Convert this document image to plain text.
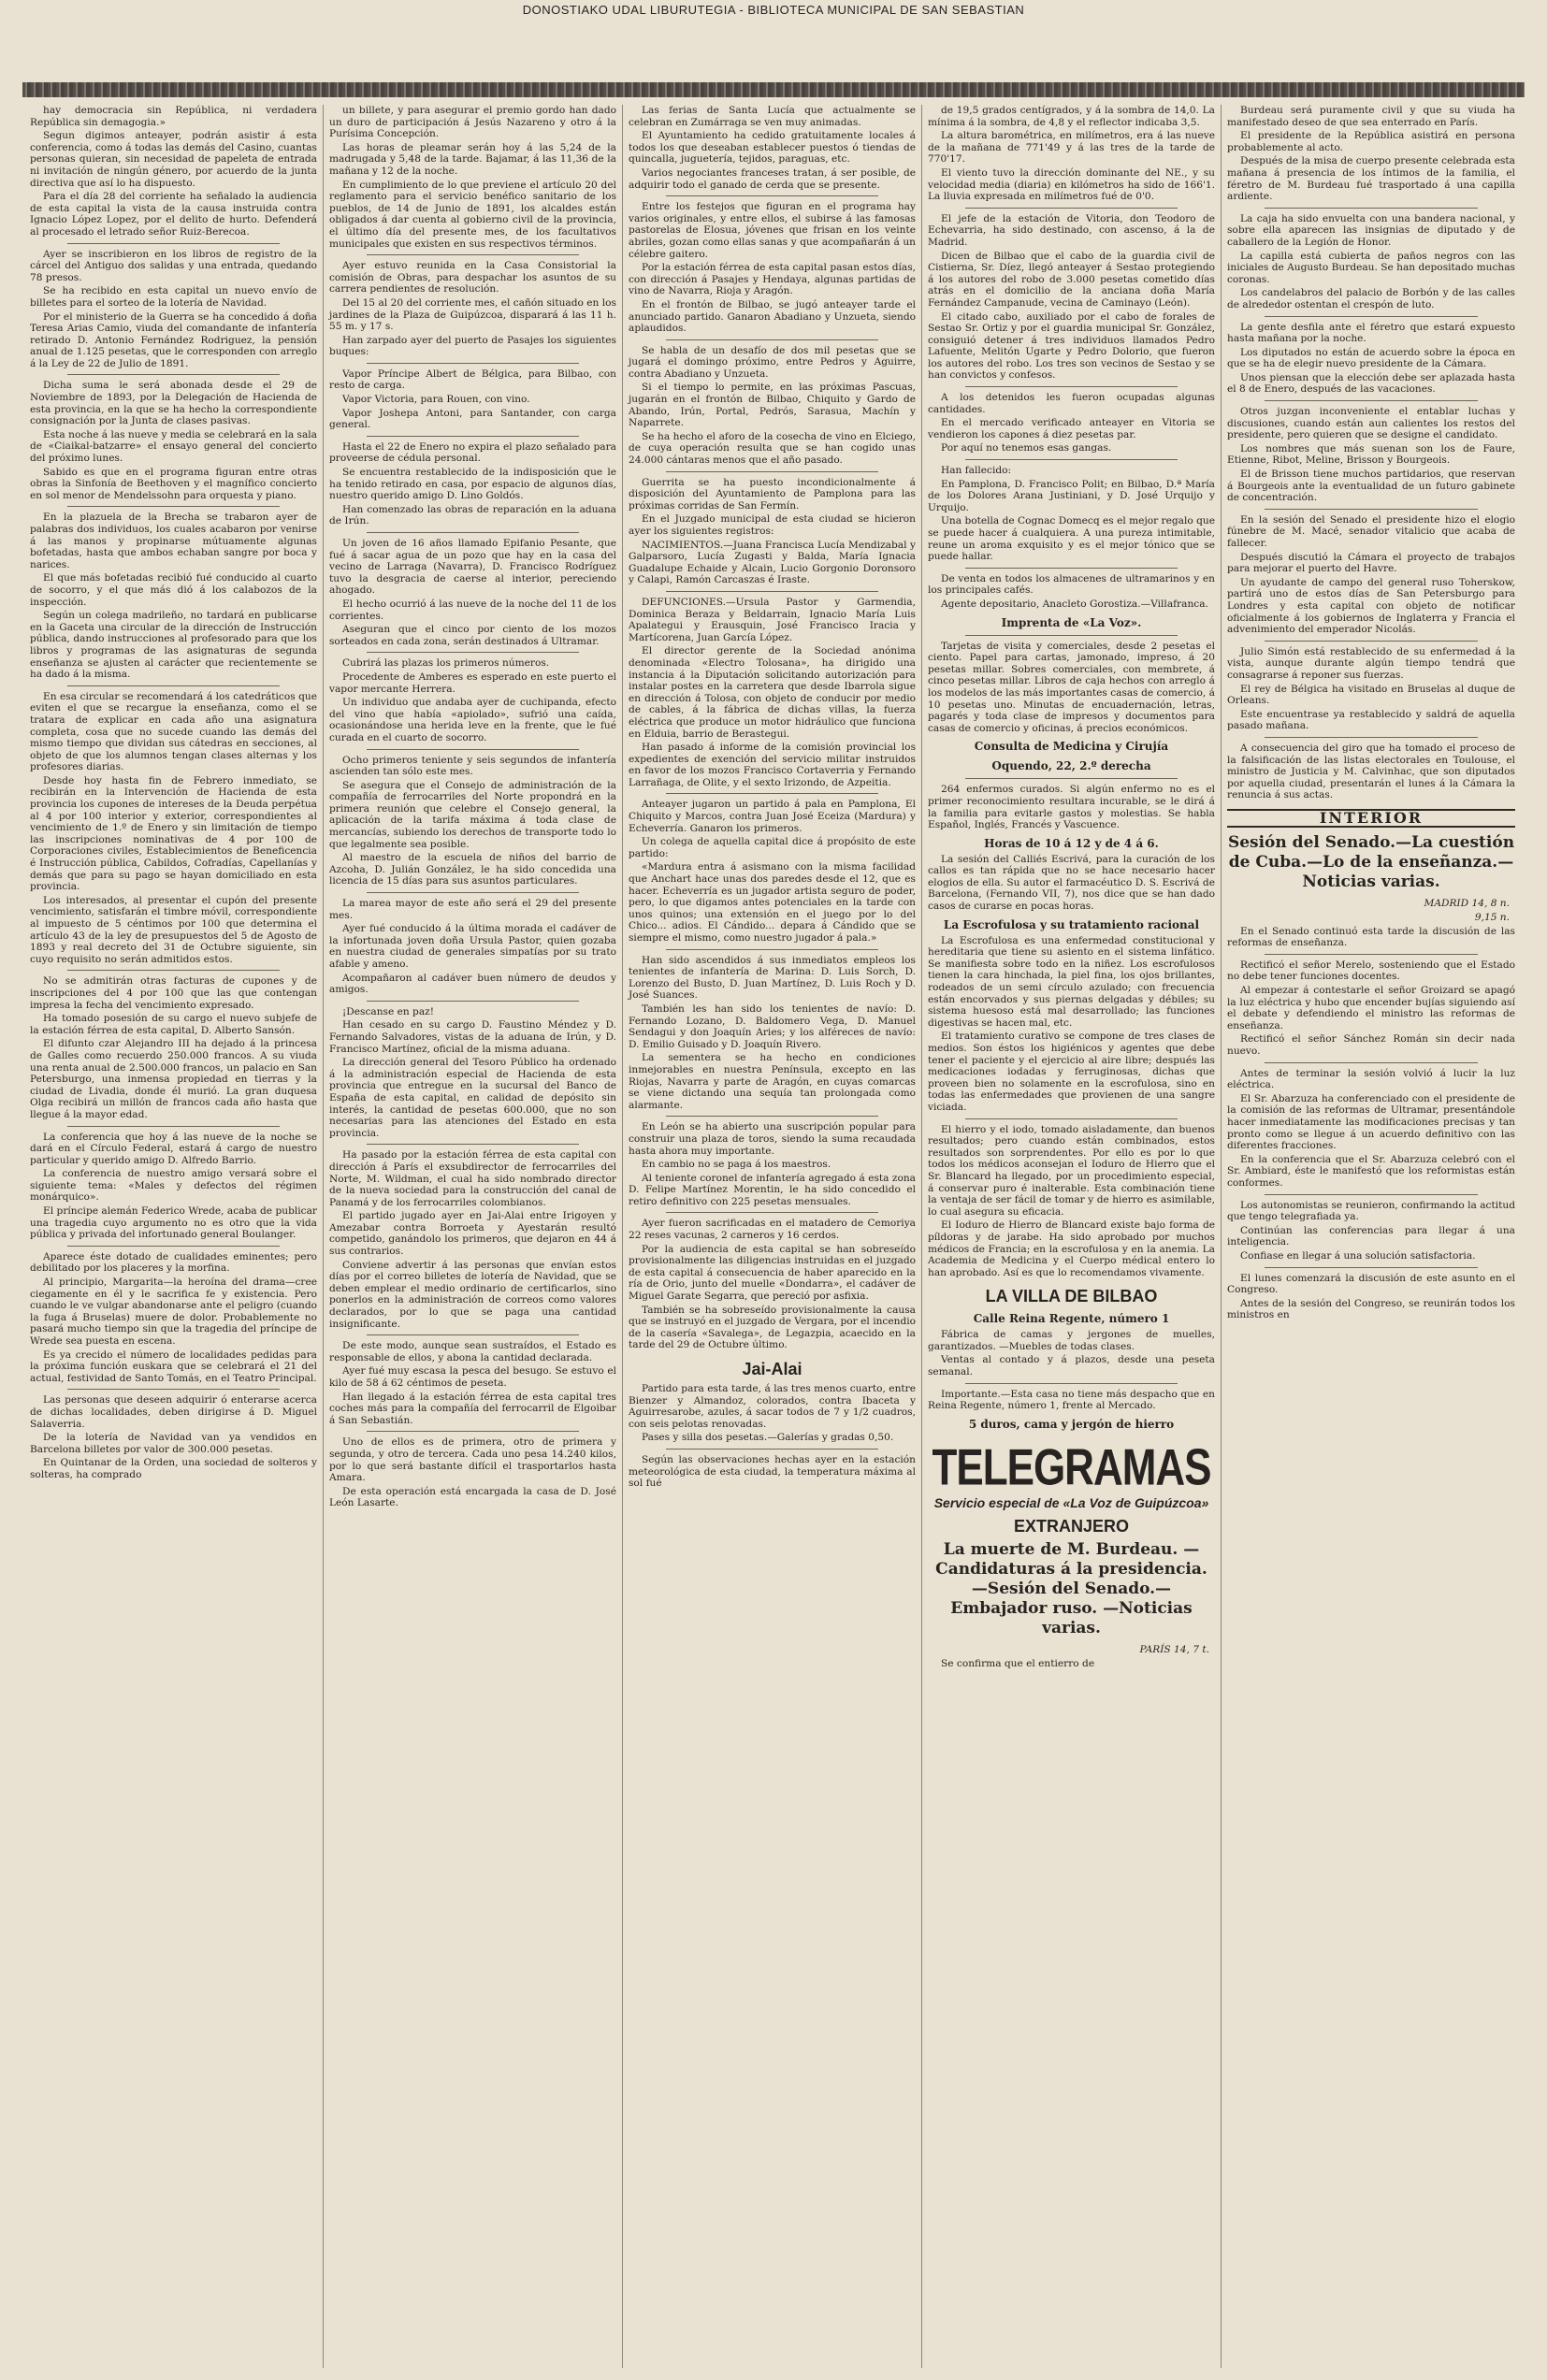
DONOSTIAKO UDAL LIBURUTEGIA - BIBLIOTECA MUNICIPAL DE SAN SEBASTIAN

hay democracia sin República, ni verdadera República sin demagogia.»

Segun digimos anteayer, podrán asistir á esta conferencia, como á todas las demás del Casino, cuantas personas quieran, sin necesidad de papeleta de entrada ni invitación de ningún género, por acuerdo de la junta directiva que así lo ha dispuesto.

Para el día 28 del corriente ha señalado la audiencia de esta capital la vista de la causa instruida contra Ignacio López Lopez, por el delito de hurto. Defenderá al procesado el letrado señor Ruiz-Berecoa.

Ayer se inscribieron en los libros de registro de la cárcel del Antiguo dos salidas y una entrada, quedando 78 presos.

Se ha recibido en esta capital un nuevo envío de billetes para el sorteo de la lotería de Navidad.

Por el ministerio de la Guerra se ha concedido á doña Teresa Arias Camio, viuda del comandante de infantería retirado D. Antonio Fernández Rodriguez, la pensión anual de 1.125 pesetas, que le corresponden con arreglo á la Ley de 22 de Julio de 1891.

Dicha suma le será abonada desde el 29 de Noviembre de 1893, por la Delegación de Hacienda de esta provincia, en la que se ha hecho la correspondiente consignación por la Junta de clases pasivas.

Esta noche á las nueve y media se celebrará en la sala de «Ciaikal-batzarre» el ensayo general del concierto del próximo lunes.

Sabido es que en el programa figuran entre otras obras la Sinfonía de Beethoven y el magnífico concierto en sol menor de Mendelssohn para orquesta y piano.

En la plazuela de la Brecha se trabaron ayer de palabras dos individuos, los cuales acabaron por venirse á las manos y propinarse mútuamente algunas bofetadas, hasta que ambos echaban sangre por boca y narices.

El que más bofetadas recibió fué conducido al cuarto de socorro, y el que más dió á los calabozos de la inspección.

Según un colega madrileño, no tardará en publicarse en la Gaceta una circular de la dirección de Instrucción pública, dando instrucciones al profesorado para que los libros y programas de las asignaturas de segunda enseñanza se ajusten al carácter que recientemente se ha dado á la misma.

En esa circular se recomendará á los catedráticos que eviten el que se recargue la enseñanza, como el se tratara de explicar en cada año una asignatura completa, cosa que no sucede cuando las demás del mismo tiempo que dividan sus cátedras en secciones, al objeto de que los alumnos tengan clases alternas y los profesores diarias.

Desde hoy hasta fin de Febrero inmediato, se recibirán en la Intervención de Hacienda de esta provincia los cupones de intereses de la Deuda perpétua al 4 por 100 interior y exterior, correspondientes al vencimiento de 1.º de Enero y sin limitación de tiempo las inscripciones nominativas de 4 por 100 de Corporaciones civiles, Establecimientos de Beneficencia é Instrucción pública, Cabildos, Cofradías, Capellanías y demás que para su pago se hayan domiciliado en esta provincia.

Los interesados, al presentar el cupón del presente vencimiento, satisfarán el timbre móvil, correspondiente al impuesto de 5 céntimos por 100 que determina el artículo 43 de la ley de presupuestos del 5 de Agosto de 1893 y real decreto del 31 de Octubre siguiente, sin cuyo requisito no serán admitidos estos.

No se admitirán otras facturas de cupones y de inscripciones del 4 por 100 que las que contengan impresa la fecha del vencimiento expresado.

Ha tomado posesión de su cargo el nuevo subjefe de la estación férrea de esta capital, D. Alberto Sansón.

El difunto czar Alejandro III ha dejado á la princesa de Galles como recuerdo 250.000 francos. A su viuda una renta anual de 2.500.000 francos, un palacio en San Petersburgo, una inmensa propiedad en tierras y la ciudad de Livadia, donde él murió. La gran duquesa Olga recibirá un millón de francos cada año hasta que llegue á la mayor edad.

La conferencia que hoy á las nueve de la noche se dará en el Círculo Federal, estará á cargo de nuestro particular y querido amigo D. Alfredo Barrio.

La conferencia de nuestro amigo versará sobre el siguiente tema: «Males y defectos del régimen monárquico».

El príncipe alemán Federico Wrede, acaba de publicar una tragedia cuyo argumento no es otro que la vida pública y privada del infortunado general Boulanger.

Aparece éste dotado de cualidades eminentes; pero debilitado por los placeres y la morfina.

Al principio, Margarita—la heroína del drama—cree ciegamente en él y le sacrifica fe y existencia. Pero cuando le ve vulgar abandonarse ante el peligro (cuando la fuga á Bruselas) muere de dolor. Probablemente no pasará mucho tiempo sin que la tragedia del príncipe de Wrede sea puesta en escena.

Es ya crecido el número de localidades pedidas para la próxima función euskara que se celebrará el 21 del actual, festividad de Santo Tomás, en el Teatro Principal.

Las personas que deseen adquirir ó enterarse acerca de dichas localidades, deben dirigirse á D. Miguel Salaverria.

De la lotería de Navidad van ya vendidos en Barcelona billetes por valor de 300.000 pesetas.

En Quintanar de la Orden, una sociedad de solteros y solteras, ha comprado

un billete, y para asegurar el premio gordo han dado un duro de participación á Jesús Nazareno y otro á la Purísima Concepción.

Las horas de pleamar serán hoy á las 5,24 de la madrugada y 5,48 de la tarde. Bajamar, á las 11,36 de la mañana y 12 de la noche.

En cumplimiento de lo que previene el artículo 20 del reglamento para el servicio benéfico sanitario de los pueblos, de 14 de Junio de 1891, los alcaldes están obligados á dar cuenta al gobierno civil de la provincia, el último día del presente mes, de los facultativos municipales que existen en sus respectivos términos.

Ayer estuvo reunida en la Casa Consistorial la comisión de Obras, para despachar los asuntos de su carrera pendientes de resolución.

Del 15 al 20 del corriente mes, el cañón situado en los jardines de la Plaza de Guipúzcoa, disparará á las 11 h. 55 m. y 17 s.

Han zarpado ayer del puerto de Pasajes los siguientes buques:

Vapor Príncipe Albert de Bélgica, para Bilbao, con resto de carga.

Vapor Victoria, para Rouen, con vino.

Vapor Joshepa Antoni, para Santander, con carga general.

Hasta el 22 de Enero no expira el plazo señalado para proveerse de cédula personal.

Se encuentra restablecido de la indisposición que le ha tenido retirado en casa, por espacio de algunos días, nuestro querido amigo D. Lino Goldós.

Han comenzado las obras de reparación en la aduana de Irún.

Un joven de 16 años llamado Epifanio Pesante, que fué á sacar agua de un pozo que hay en la casa del vecino de Larraga (Navarra), D. Francisco Rodríguez tuvo la desgracia de caerse al interior, pereciendo ahogado.

El hecho ocurrió á las nueve de la noche del 11 de los corrientes.

Aseguran que el cinco por ciento de los mozos sorteados en cada zona, serán destinados á Ultramar.

Cubrirá las plazas los primeros números.

Procedente de Amberes es esperado en este puerto el vapor mercante Herrera.

Un individuo que andaba ayer de cuchipanda, efecto del vino que había «apiolado», sufrió una caída, ocasionándose una herida leve en la frente, que le fué curada en el cuarto de socorro.

Ocho primeros teniente y seis segundos de infantería ascienden tan sólo este mes.

Se asegura que el Consejo de administración de la compañía de ferrocarriles del Norte propondrá en la primera reunión que celebre el Consejo general, la aplicación de la tarifa máxima á toda clase de mercancías, subiendo los derechos de transporte todo lo que legalmente sea posible.

Al maestro de la escuela de niños del barrio de Azcoha, D. Julián González, le ha sido concedida una licencia de 15 días para sus asuntos particulares.

La marea mayor de este año será el 29 del presente mes.

Ayer fué conducido á la última morada el cadáver de la infortunada joven doña Ursula Pastor, quien gozaba en nuestra ciudad de generales simpatías por su trato afable y ameno.

Acompañaron al cadáver buen número de deudos y amigos.

¡Descanse en paz!

Han cesado en su cargo D. Faustino Méndez y D. Fernando Salvadores, vistas de la aduana de Irún, y D. Francisco Martínez, oficial de la misma aduana.

La dirección general del Tesoro Público ha ordenado á la administración especial de Hacienda de esta provincia que entregue en la sucursal del Banco de España de esta capital, en calidad de depósito sin interés, la cantidad de pesetas 600.000, que no son necesarias para las atenciones del Estado en esta provincia.

Ha pasado por la estación férrea de esta capital con dirección á París el exsubdirector de ferrocarriles del Norte, M. Wildman, el cual ha sido nombrado director de la nueva sociedad para la construcción del canal de Panamá y de los ferrocarriles colombianos.

El partido jugado ayer en Jai-Alai entre Irigoyen y Amezabar contra Borroeta y Ayestarán resultó competido, ganándolo los primeros, que dejaron en 44 á sus contrarios.

Conviene advertir á las personas que envían estos días por el correo billetes de lotería de Navidad, que se deben emplear el medio ordinario de certificarlos, sino ponerlos en la administración de correos como valores declarados, por lo que se paga una cantidad insignificante.

De este modo, aunque sean sustraídos, el Estado es responsable de ellos, y abona la cantidad declarada.

Ayer fué muy escasa la pesca del besugo. Se estuvo el kilo de 58 á 62 céntimos de peseta.

Han llegado á la estación férrea de esta capital tres coches más para la compañía del ferrocarril de Elgoibar á San Sebastián.

Uno de ellos es de primera, otro de primera y segunda, y otro de tercera. Cada uno pesa 14.240 kilos, por lo que será bastante difícil el trasportarlos hasta Amara.

De esta operación está encargada la casa de D. José León Lasarte.

Las ferias de Santa Lucía que actualmente se celebran en Zumárraga se ven muy animadas.

El Ayuntamiento ha cedido gratuitamente locales á todos los que deseaban establecer puestos ó tiendas de quincalla, juguetería, tejidos, paraguas, etc.

Varios negociantes franceses tratan, á ser posible, de adquirir todo el ganado de cerda que se presente.

Entre los festejos que figuran en el programa hay varios originales, y entre ellos, el subirse á las famosas pastorelas de Elosua, jóvenes que frisan en los veinte abriles, gozan como ellas sanas y que acompañarán á un célebre gaitero.

Por la estación férrea de esta capital pasan estos días, con dirección á Pasajes y Hendaya, algunas partidas de vino de Navarra, Rioja y Aragón.

En el frontón de Bilbao, se jugó anteayer tarde el anunciado partido. Ganaron Abadiano y Unzueta, siendo aplaudidos.

Se habla de un desafío de dos mil pesetas que se jugará el domingo próximo, entre Pedros y Aguirre, contra Abadiano y Unzueta.

Si el tiempo lo permite, en las próximas Pascuas, jugarán en el frontón de Bilbao, Chiquito y Gardo de Abando, Irún, Portal, Pedrós, Sarasua, Machín y Naparrete.

Se ha hecho el aforo de la cosecha de vino en Elciego, de cuya operación resulta que se han cogido unas 24.000 cántaras menos que el año pasado.

Guerrita se ha puesto incondicionalmente á disposición del Ayuntamiento de Pamplona para las próximas corridas de San Fermín.

En el Juzgado municipal de esta ciudad se hicieron ayer los siguientes registros:

NACIMIENTOS.—Juana Francisca Lucía Mendizabal y Galparsoro, Lucía Zugasti y Balda, María Ignacia Guadalupe Echaide y Alcain, Lucio Gorgonio Doronsoro y Calapi, Ramón Carcaszas é Iraste.

DEFUNCIONES.—Ursula Pastor y Garmendia, Dominica Beraza y Beldarrain, Ignacio María Luis Apalategui y Erausquin, José Francisco Iracia y Martícorena, Juan García López.

El director gerente de la Sociedad anónima denominada «Electro Tolosana», ha dirigido una instancia á la Diputación solicitando autorización para instalar postes en la carretera que desde Ibarrola sigue en dirección á Tolosa, con objeto de conducir por medio de cables, á la fábrica de dichas villas, la fuerza eléctrica que produce un motor hidráulico que funciona en Elduia, barrio de Berastegui.

Han pasado á informe de la comisión provincial los expedientes de exención del servicio militar instruidos en favor de los mozos Francisco Cortaverria y Fernando Larrañaga, de Olite, y el sexto Irizondo, de Azpeitia.

Anteayer jugaron un partido á pala en Pamplona, El Chiquito y Marcos, contra Juan José Eceiza (Mardura) y Echeverría. Ganaron los primeros.

Un colega de aquella capital dice á propósito de este partido:

«Mardura entra á asismano con la misma facilidad que Anchart hace unas dos paredes desde el 12, que es hacer. Echeverría es un jugador artista seguro de poder, pero, lo que digamos antes potenciales en la tarde con unos quinos; una extensión en el juego por lo del Chico... adios. El Cándido... depara á Cándido que se siempre el mismo, como nuestro jugador á pala.»

Han sido ascendidos á sus inmediatos empleos los tenientes de infantería de Marina: D. Luis Sorch, D. Lorenzo del Busto, D. Juan Martínez, D. Luis Roch y D. José Suances.

También les han sido los tenientes de navío: D. Fernando Lozano, D. Baldomero Vega, D. Manuel Sendagui y don Joaquín Aries; y los alféreces de navío: D. Emilio Guisado y D. Joaquín Rivero.

La sementera se ha hecho en condiciones inmejorables en nuestra Península, excepto en las Riojas, Navarra y parte de Aragón, en cuyas comarcas se viene dictando una sequía tan prolongada como alarmante.

En León se ha abierto una suscripción popular para construir una plaza de toros, siendo la suma recaudada hasta ahora muy importante.

En cambio no se paga á los maestros.

Al teniente coronel de infantería agregado á esta zona D. Felipe Martínez Morentin, le ha sido concedido el retiro definitivo con 225 pesetas mensuales.

Ayer fueron sacrificadas en el matadero de Cemoriya 22 reses vacunas, 2 carneros y 16 cerdos.

Por la audiencia de esta capital se han sobreseído provisionalmente las diligencias instruidas en el juzgado de esta capital á consecuencia de haber aparecido en la ría de Orio, junto del muelle «Dondarra», el cadáver de Miguel Garate Segarra, que pereció por asfixia.

También se ha sobreseído provisionalmente la causa que se instruyó en el juzgado de Vergara, por el incendio de la casería «Savalega», de Legazpia, acaecido en la tarde del 29 de Octubre último.

Jai-Alai

Partido para esta tarde, á las tres menos cuarto, entre Bienzer y Almandoz, colorados, contra Ibaceta y Aguirresarobe, azules, á sacar todos de 7 y 1/2 cuadros, con seis pelotas renovadas.

Pases y silla dos pesetas.—Galerías y gradas 0,50.

Según las observaciones hechas ayer en la estación meteorológica de esta ciudad, la temperatura máxima al sol fué

de 19,5 grados centígrados, y á la sombra de 14,0. La mínima á la sombra, de 4,8 y el reflector indicaba 3,5.

La altura barométrica, en milímetros, era á las nueve de la mañana de 771'49 y á las tres de la tarde de 770'17.

El viento tuvo la dirección dominante del NE., y su velocidad media (diaria) en kilómetros ha sido de 166'1. La lluvia expresada en milímetros fué de 0'0.

El jefe de la estación de Vitoria, don Teodoro de Echevarria, ha sido destinado, con ascenso, á la de Madrid.

Dicen de Bilbao que el cabo de la guardia civil de Cistierna, Sr. Díez, llegó anteayer á Sestao protegiendo á los autores del robo de 3.000 pesetas cometido días atrás en el domicilio de la anciana doña María Fernández Campanude, vecina de Caminayo (León).

El citado cabo, auxiliado por el cabo de forales de Sestao Sr. Ortiz y por el guardia municipal Sr. González, consiguió detener á tres individuos llamados Pedro Lafuente, Melitón Ugarte y Pedro Dolorio, que fueron los autores del robo. Los tres son vecinos de Sestao y se han convictos y confesos.

A los detenidos les fueron ocupadas algunas cantidades.

En el mercado verificado anteayer en Vitoria se vendieron los capones á diez pesetas par.

Por aquí no tenemos esas gangas.

Han fallecido:

En Pamplona, D. Francisco Polit; en Bilbao, D.ª María de los Dolores Arana Justiniani, y D. José Urquijo y Urquijo.

Una botella de Cognac Domecq es el mejor regalo que se puede hacer á cualquiera. A una pureza intimitable, reune un aroma exquisito y es el mejor tónico que se puede hallar.

De venta en todos los almacenes de ultramarinos y en los principales cafés.

Agente depositario, Anacleto Gorostiza.—Villafranca.

Imprenta de «La Voz».

Tarjetas de visita y comerciales, desde 2 pesetas el ciento. Papel para cartas, jamonado, impreso, á 20 pesetas millar. Sobres comerciales, con membrete, á cinco pesetas millar. Libros de caja hechos con arreglo á los modelos de las más importantes casas de comercio, á 10 pesetas uno. Minutas de encuadernación, letras, pagarés y toda clase de impresos y documentos para casas de comercio y oficinas, á precios económicos.

Consulta de Medicina y Cirujía
Oquendo, 22, 2.º derecha

264 enfermos curados. Si algún enfermo no es el primer reconocimiento resultara incurable, se le dirá á la familia para evitarle gastos y molestias. Se habla Español, Inglés, Francés y Vascuence.

Horas de 10 á 12 y de 4 á 6.

La sesión del Calliés Escrivá, para la curación de los callos es tan rápida que no se hace necesario hacer elogios de ella. Su autor el farmacéutico D. S. Escrivá de Barcelona, (Fernando VII, 7), nos dice que se han dado casos de curarse en pocas horas.

La Escrofulosa y su tratamiento racional

La Escrofulosa es una enfermedad constitucional y hereditaria que tiene su asiento en el sistema linfático. Se manifiesta sobre todo en la niñez. Los escrofulosos tienen la cara hinchada, la piel fina, los ojos brillantes, rodeados de un semi círculo azulado; con frecuencia están encorvados y sus piernas delgadas y débiles; su sistema huesoso está mal desarrollado; las funciones digestivas se hacen mal, etc.

El tratamiento curativo se compone de tres clases de medios. Son éstos los higiénicos y agentes que debe tener el paciente y el ejercicio al aire libre; después las medicaciones iodadas y ferruginosas, dichas que proveen bien no solamente en la escrofulosa, sino en todas las enfermedades que provienen de una sangre viciada.

El hierro y el iodo, tomado aisladamente, dan buenos resultados; pero cuando están combinados, estos resultados son sorprendentes. Por ello es por lo que todos los médicos aconsejan el Ioduro de Hierro que el Sr. Blancard ha llegado, por un procedimiento especial, á conservar puro é inalterable. Esta combinación tiene la ventaja de ser fácil de tomar y de hierro es asimilable, lo cual asegura su eficacia.

El Ioduro de Hierro de Blancard existe bajo forma de píldoras y de jarabe. Ha sido aprobado por muchos médicos de Francia; en la escrofulosa y en la anemia. La Academia de Medicina y el Cuerpo médical entero lo han aprobado. Así es que lo recomendamos vivamente.

LA VILLA DE BILBAO
Calle Reina Regente, número 1

Fábrica de camas y jergones de muelles, garantizados. —Muebles de todas clases.

Ventas al contado y á plazos, desde una peseta semanal.

Importante.—Esta casa no tiene más despacho que en Reina Regente, número 1, frente al Mercado.

5 duros, cama y jergón de hierro
TELEGRAMAS
Servicio especial de «La Voz de Guipúzcoa»
EXTRANJERO
La muerte de M. Burdeau. —Candidaturas á la presidencia.—Sesión del Senado.—Embajador ruso. —Noticias varias.
PARÍS 14, 7 t.

Se confirma que el entierro de

Burdeau será puramente civil y que su viuda ha manifestado deseo de que sea enterrado en París.

El presidente de la República asistirá en persona probablemente al acto.

Después de la misa de cuerpo presente celebrada esta mañana á presencia de los íntimos de la familia, el féretro de M. Burdeau fué trasportado á una capilla ardiente.

La caja ha sido envuelta con una bandera nacional, y sobre ella aparecen las insignias de diputado y de caballero de la Legión de Honor.

La capilla está cubierta de paños negros con las iniciales de Augusto Burdeau. Se han depositado muchas coronas.

Los candelabros del palacio de Borbón y de las calles de alrededor ostentan el crespón de luto.

La gente desfila ante el féretro que estará expuesto hasta mañana por la noche.

Los diputados no están de acuerdo sobre la época en que se ha de elegir nuevo presidente de la Cámara.

Unos piensan que la elección debe ser aplazada hasta el 8 de Enero, después de las vacaciones.

Otros juzgan inconveniente el entablar luchas y discusiones, cuando están aun calientes los restos del presidente, pero quieren que se designe el candidato.

Los nombres que más suenan son los de Faure, Etienne, Ribot, Meline, Brisson y Bourgeois.

El de Brisson tiene muchos partidarios, que reservan á Bourgeois ante la eventualidad de un futuro gabinete de concentración.

En la sesión del Senado el presidente hizo el elogio fúnebre de M. Macé, senador vitalicio que acaba de fallecer.

Después discutió la Cámara el proyecto de trabajos para mejorar el puerto del Havre.

Un ayudante de campo del general ruso Toherskow, partirá uno de estos días de San Petersburgo para Londres y esta capital con objeto de notificar oficialmente á los gobiernos de Inglaterra y Francia el advenimiento del emperador Nicolás.

Julio Simón está restablecido de su enfermedad á la vista, aunque durante algún tiempo tendrá que consagrarse á reponer sus fuerzas.

El rey de Bélgica ha visitado en Bruselas al duque de Orleans.

Este encuentrase ya restablecido y saldrá de aquella pasado mañana.

A consecuencia del giro que ha tomado el proceso de la falsificación de las listas electorales en Toulouse, el ministro de Justicia y M. Calvinhac, que son diputados por aquella ciudad, presentarán el lunes á la Cámara la renuncia á sus actas.

INTERIOR
Sesión del Senado.—La cuestión de Cuba.—Lo de la enseñanza.—Noticias varias.
MADRID 14, 8 n.
9,15 n.

En el Senado continuó esta tarde la discusión de las reformas de enseñanza.

Rectificó el señor Merelo, sosteniendo que el Estado no debe tener funciones docentes.

Al empezar á contestarle el señor Groizard se apagó la luz eléctrica y hubo que encender bujías siguiendo así el debate y defendiendo el ministro las reformas de enseñanza.

Rectificó el señor Sánchez Román sin decir nada nuevo.

Antes de terminar la sesión volvió á lucir la luz eléctrica.

El Sr. Abarzuza ha conferenciado con el presidente de la comisión de las reformas de Ultramar, presentándole hacer inmediatamente las modificaciones precisas y tan pronto como se llegue á un acuerdo definitivo con las diferentes fracciones.

En la conferencia que el Sr. Abarzuza celebró con el Sr. Ambiard, éste le manifestó que los reformistas están conformes.

Los autonomistas se reunieron, confirmando la actitud que tengo telegrafiada ya.

Continúan las conferencias para llegar á una inteligencia.

Confiase en llegar á una solución satisfactoria.

El lunes comenzará la discusión de este asunto en el Congreso.

Antes de la sesión del Congreso, se reunirán todos los ministros en
